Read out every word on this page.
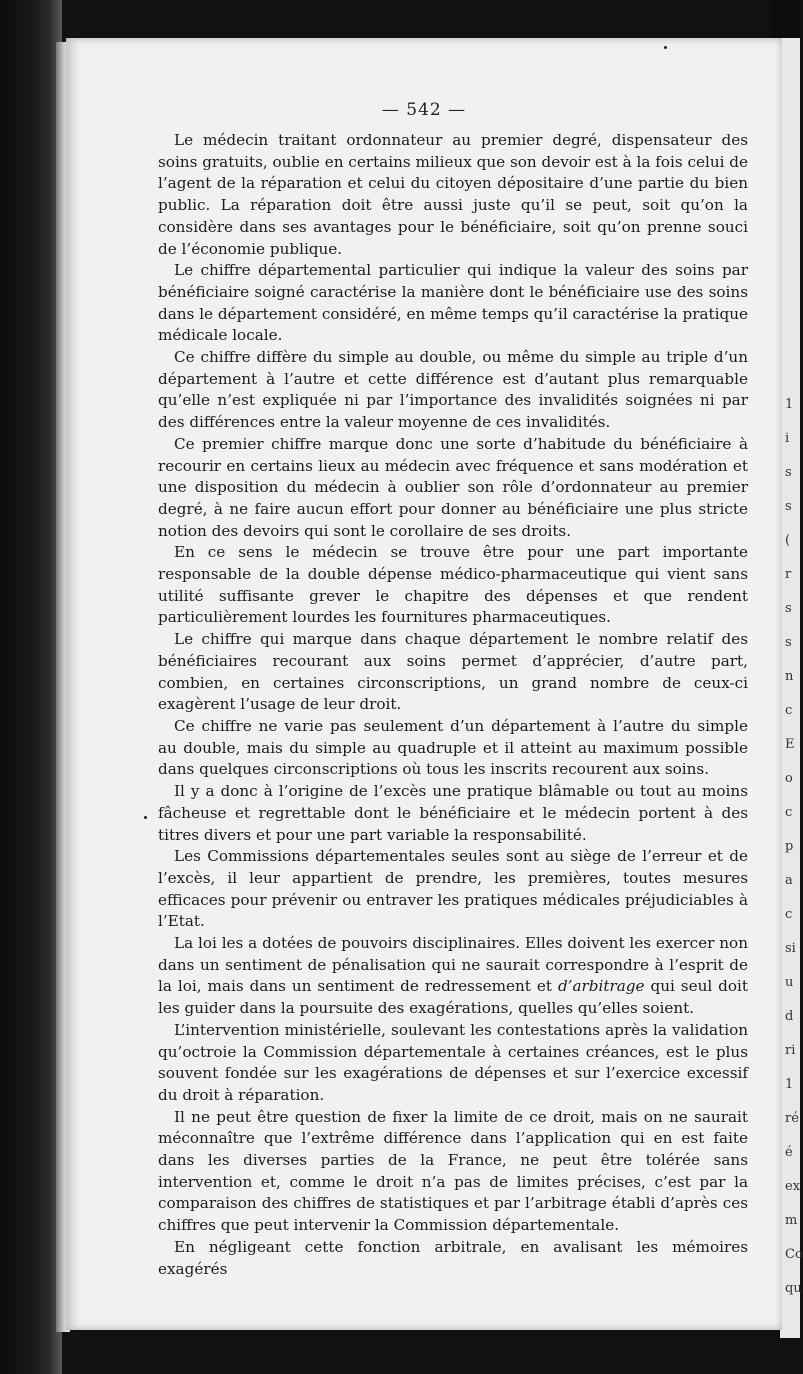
1
i
s
s
(
r
s
s
n
c
E
o
c
p
a
c
si
u
d
ri
1
ré
é
ex
m
Co
qu
— 542 —

Le médecin traitant ordonnateur au premier degré, dispensateur des soins gratuits, oublie en certains milieux que son devoir est à la fois celui de l’agent de la réparation et celui du citoyen dépositaire d’une partie du bien public. La réparation doit être aussi juste qu’il se peut, soit qu’on la considère dans ses avantages pour le bénéficiaire, soit qu’on prenne souci de l’économie publique.

Le chiffre départemental particulier qui indique la valeur des soins par bénéficiaire soigné caractérise la manière dont le bénéficiaire use des soins dans le département considéré, en même temps qu’il caractérise la pratique médicale locale.

Ce chiffre diffère du simple au double, ou même du simple au triple d’un département à l’autre et cette différence est d’autant plus remarquable qu’elle n’est expliquée ni par l’importance des invalidités soignées ni par des différences entre la valeur moyenne de ces invalidités.

Ce premier chiffre marque donc une sorte d’habitude du bénéficiaire à recourir en certains lieux au médecin avec fréquence et sans modération et une disposition du médecin à oublier son rôle d’ordonnateur au premier degré, à ne faire aucun effort pour donner au bénéficiaire une plus stricte notion des devoirs qui sont le corollaire de ses droits.

En ce sens le médecin se trouve être pour une part importante responsable de la double dépense médico-pharmaceutique qui vient sans utilité suffisante grever le chapitre des dépenses et que rendent particulièrement lourdes les fournitures pharmaceutiques.

Le chiffre qui marque dans chaque département le nombre relatif des bénéficiaires recourant aux soins permet d’apprécier, d’autre part, combien, en certaines circonscriptions, un grand nombre de ceux-ci exagèrent l’usage de leur droit.

Ce chiffre ne varie pas seulement d’un département à l’autre du simple au double, mais du simple au quadruple et il atteint au maximum possible dans quelques circonscriptions où tous les inscrits recourent aux soins.

Il y a donc à l’origine de l’excès une pratique blâmable ou tout au moins fâcheuse et regrettable dont le bénéficiaire et le médecin portent à des titres divers et pour une part variable la responsabilité.

Les Commissions départementales seules sont au siège de l’erreur et de l’excès, il leur appartient de prendre, les premières, toutes mesures efficaces pour prévenir ou entraver les pratiques médicales préjudiciables à l’Etat.

La loi les a dotées de pouvoirs disciplinaires. Elles doivent les exercer non dans un sentiment de pénalisation qui ne saurait correspondre à l’esprit de la loi, mais dans un sentiment de redressement et d’arbitrage qui seul doit les guider dans la poursuite des exagérations, quelles qu’elles soient.

L’intervention ministérielle, soulevant les contestations après la validation qu’octroie la Commission départementale à certaines créances, est le plus souvent fondée sur les exagérations de dépenses et sur l’exercice excessif du droit à réparation.

Il ne peut être question de fixer la limite de ce droit, mais on ne saurait méconnaître que l’extrême différence dans l’application qui en est faite dans les diverses parties de la France, ne peut être tolérée sans intervention et, comme le droit n’a pas de limites précises, c’est par la comparaison des chiffres de statistiques et par l’arbitrage établi d’après ces chiffres que peut intervenir la Commission départementale.

En négligeant cette fonction arbitrale, en avalisant les mémoires exagérés
